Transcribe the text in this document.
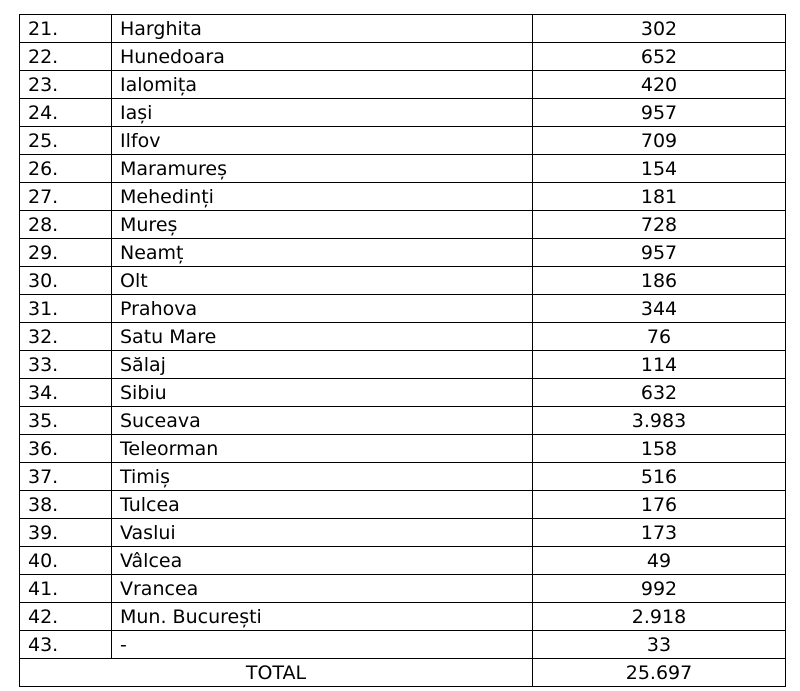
21.	Harghita	302
22.	Hunedoara	652
23.	Ialomița	420
24.	Iași	957
25.	Ilfov	709
26.	Maramureș	154
27.	Mehedinți	181
28.	Mureș	728
29.	Neamț	957
30.	Olt	186
31.	Prahova	344
32.	Satu Mare	76
33.	Sălaj	114
34.	Sibiu	632
35.	Suceava	3.983
36.	Teleorman	158
37.	Timiș	516
38.	Tulcea	176
39.	Vaslui	173
40.	Vâlcea	49
41.	Vrancea	992
42.	Mun. București	2.918
43.	-	33
TOTAL		25.697
